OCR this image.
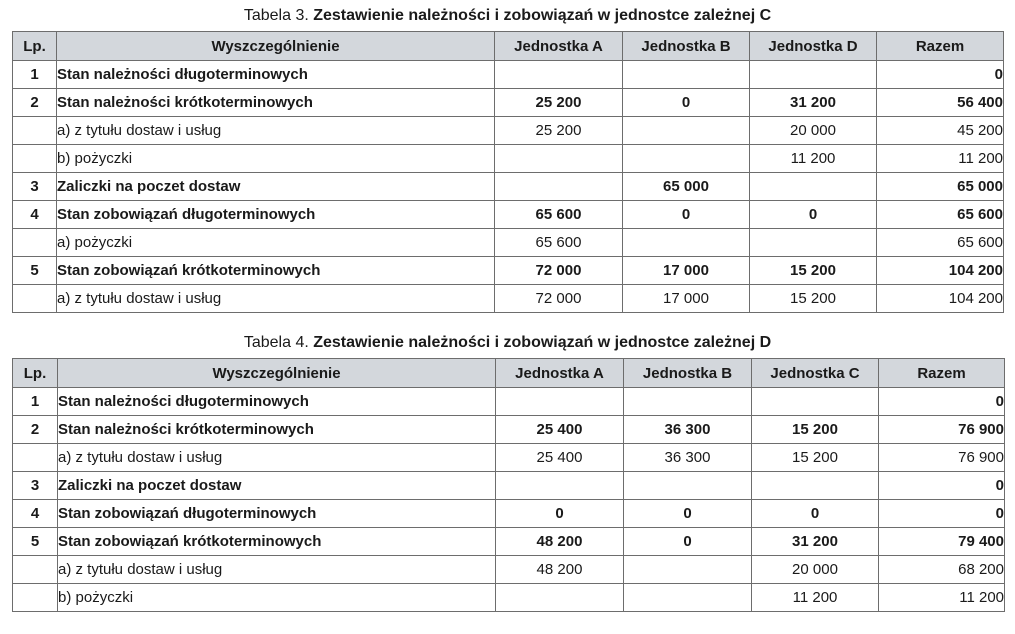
Tabela 3. Zestawienie należności i zobowiązań w jednostce zależnej C
Lp.	Wyszczególnienie	Jednostka A	Jednostka B	Jednostka D	Razem
1	Stan należności długoterminowych				0
2	Stan należności krótkoterminowych	25 200	0	31 200	56 400
	a) z tytułu dostaw i usług	25 200		20 000	45 200
	b) pożyczki			11 200	11 200
3	Zaliczki na poczet dostaw		65 000		65 000
4	Stan zobowiązań długoterminowych	65 600	0	0	65 600
	a) pożyczki	65 600			65 600
5	Stan zobowiązań krótkoterminowych	72 000	17 000	15 200	104 200
	a) z tytułu dostaw i usług	72 000	17 000	15 200	104 200
Tabela 4. Zestawienie należności i zobowiązań w jednostce zależnej D
Lp.	Wyszczególnienie	Jednostka A	Jednostka B	Jednostka C	Razem
1	Stan należności długoterminowych				0
2	Stan należności krótkoterminowych	25 400	36 300	15 200	76 900
	a) z tytułu dostaw i usług	25 400	36 300	15 200	76 900
3	Zaliczki na poczet dostaw				0
4	Stan zobowiązań długoterminowych	0	0	0	0
5	Stan zobowiązań krótkoterminowych	48 200	0	31 200	79 400
	a) z tytułu dostaw i usług	48 200		20 000	68 200
	b) pożyczki			11 200	11 200
